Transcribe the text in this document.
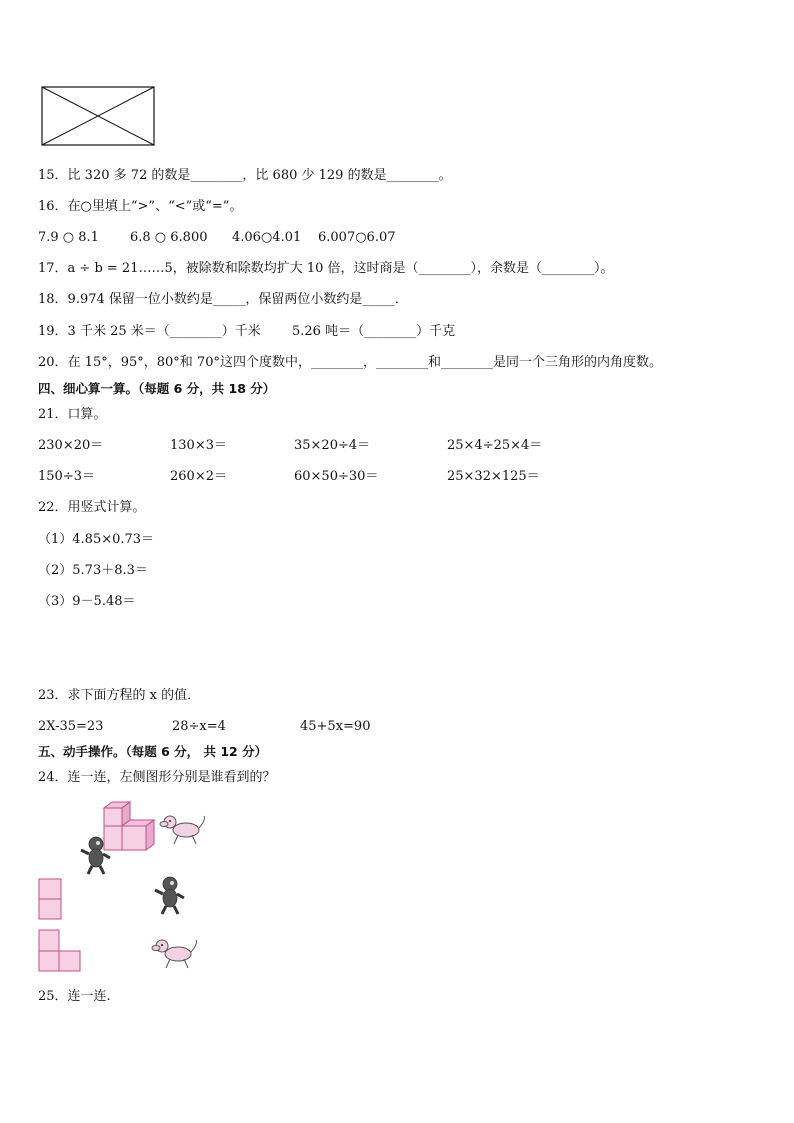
15．比 320 多 72 的数是________，比 680 少 129 的数是________。
16．在○里填上“>”、“<”或“=”。
7.9 ○ 8.1 6.8 ○ 6.800 4.06○4.01 6.007○6.07
17．a ÷ b = 21……5，被除数和除数均扩大 10 倍，这时商是（________），余数是（________）。
18．9.974 保留一位小数约是_____，保留两位小数约是_____．
19．3 千米 25 米＝（________）千米 5.26 吨＝（________）千克
20．在 15°，95°，80°和 70°这四个度数中，________，________和________是同一个三角形的内角度数。
四、细心算一算。（每题 6 分，共 18 分）
21．口算。
230×20＝	130×3＝	35×20÷4＝	25×4÷25×4＝
150÷3＝	260×2＝	60×50÷30＝	25×32×125＝
22．用竖式计算。
（1）4.85×0.73＝
（2）5.73＋8.3＝
（3）9－5.48＝
23．求下面方程的 x 的值．
2X-35=23	28÷x=4	45+5x=90
五、动手操作。（每题 6 分， 共 12 分）
24．连一连，左侧图形分别是谁看到的？
25．连一连.
